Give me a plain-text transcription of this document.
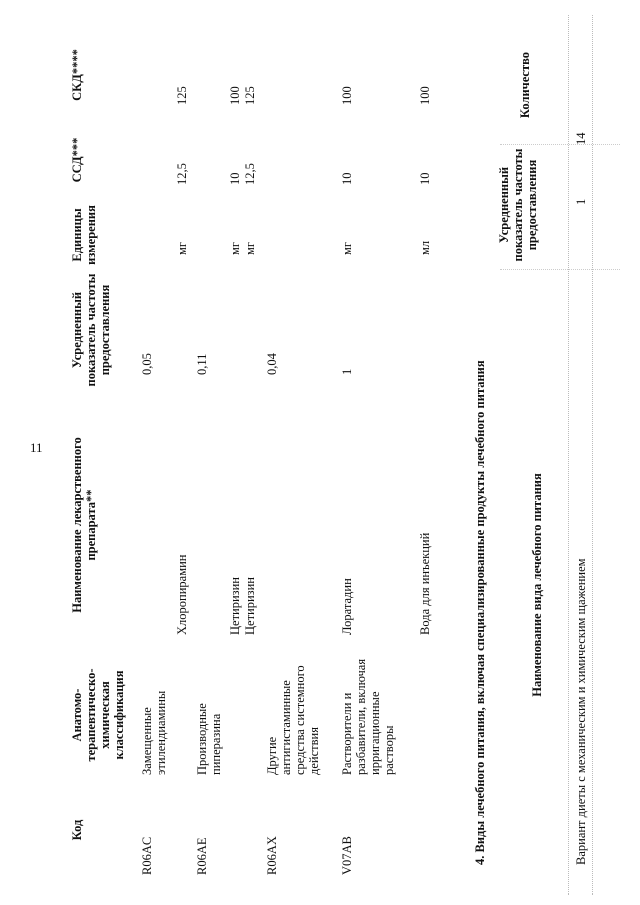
11
Код
Анатомо-терапевтическо-химическая классификация
Наименование лекарственного препарата**
Усредненный показатель частоты предоставления
Единицы измерения
ССД***
СКД****
R06AC
Замещенные этилендиамины
0,05
Хлоропирамин
мг
12,5
125
R06AE
Производные пиперазина
0,11
Цетиризин
мг
10
100
Цетиризин
мг
12,5
125
R06AX
Другие антигистаминные средства системного действия
0,04
V07AB
Растворители и разбавители, включая ирригационные растворы
Лоратадин
1
мг
10
100
Вода для инъекций
мл
10
100
4. Виды лечебного питания, включая специализированные продукты лечебного питания	Наименование вида лечебного питания
Усредненный показатель частоты предоставления
Количество
Вариант диеты с механическим и химическим щажением
1
14
